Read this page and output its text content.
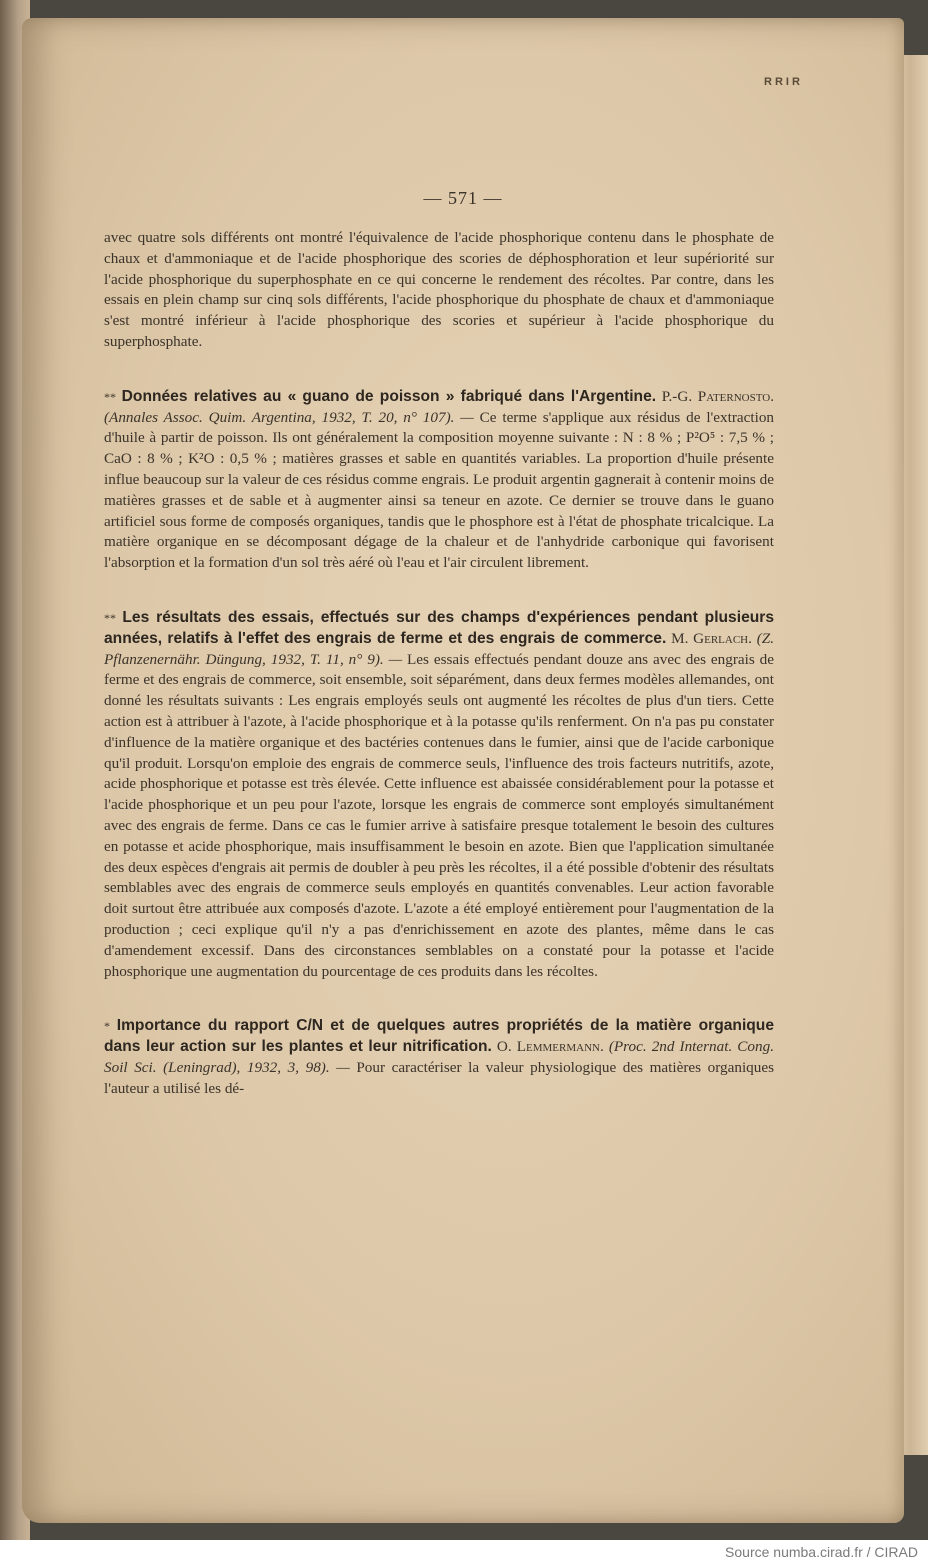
RRIR
— 571 —

avec quatre sols différents ont montré l'équivalence de l'acide phosphorique contenu dans le phosphate de chaux et d'ammoniaque et de l'acide phosphorique des scories de déphosphoration et leur supériorité sur l'acide phosphorique du superphosphate en ce qui concerne le rendement des récoltes. Par contre, dans les essais en plein champ sur cinq sols différents, l'acide phosphorique du phosphate de chaux et d'ammoniaque s'est montré inférieur à l'acide phosphorique des scories et supérieur à l'acide phosphorique du superphosphate.

** Données relatives au « guano de poisson » fabriqué dans l'Argentine. P.-G. Paternosto. (Annales Assoc. Quim. Argentina, 1932, T. 20, n° 107). — Ce terme s'applique aux résidus de l'extraction d'huile à partir de poisson. Ils ont généralement la composition moyenne suivante : N : 8 % ; P²O⁵ : 7,5 % ; CaO : 8 % ; K²O : 0,5 % ; matières grasses et sable en quantités variables. La proportion d'huile présente influe beaucoup sur la valeur de ces résidus comme engrais. Le produit argentin gagnerait à contenir moins de matières grasses et de sable et à augmenter ainsi sa teneur en azote. Ce dernier se trouve dans le guano artificiel sous forme de composés organiques, tandis que le phosphore est à l'état de phosphate tricalcique. La matière organique en se décomposant dégage de la chaleur et de l'anhydride carbonique qui favorisent l'absorption et la formation d'un sol très aéré où l'eau et l'air circulent librement.

** Les résultats des essais, effectués sur des champs d'expériences pendant plusieurs années, relatifs à l'effet des engrais de ferme et des engrais de commerce. M. Gerlach. (Z. Pflanzenernähr. Düngung, 1932, T. 11, n° 9). — Les essais effectués pendant douze ans avec des engrais de ferme et des engrais de commerce, soit ensemble, soit séparément, dans deux fermes modèles allemandes, ont donné les résultats suivants : Les engrais employés seuls ont augmenté les récoltes de plus d'un tiers. Cette action est à attribuer à l'azote, à l'acide phosphorique et à la potasse qu'ils renferment. On n'a pas pu constater d'influence de la matière organique et des bactéries contenues dans le fumier, ainsi que de l'acide carbonique qu'il produit. Lorsqu'on emploie des engrais de commerce seuls, l'influence des trois facteurs nutritifs, azote, acide phosphorique et potasse est très élevée. Cette influence est abaissée considérablement pour la potasse et l'acide phosphorique et un peu pour l'azote, lorsque les engrais de commerce sont employés simultanément avec des engrais de ferme. Dans ce cas le fumier arrive à satisfaire presque totalement le besoin des cultures en potasse et acide phosphorique, mais insuffisamment le besoin en azote. Bien que l'application simultanée des deux espèces d'engrais ait permis de doubler à peu près les récoltes, il a été possible d'obtenir des résultats semblables avec des engrais de commerce seuls employés en quantités convenables. Leur action favorable doit surtout être attribuée aux composés d'azote. L'azote a été employé entièrement pour l'augmentation de la production ; ceci explique qu'il n'y a pas d'enrichissement en azote des plantes, même dans le cas d'amendement excessif. Dans des circonstances semblables on a constaté pour la potasse et l'acide phosphorique une augmentation du pourcentage de ces produits dans les récoltes.

* Importance du rapport C/N et de quelques autres propriétés de la matière organique dans leur action sur les plantes et leur nitrification. O. Lemmermann. (Proc. 2nd Internat. Cong. Soil Sci. (Leningrad), 1932, 3, 98). — Pour caractériser la valeur physiologique des matières organiques l'auteur a utilisé les dé-

Source numba.cirad.fr / CIRAD
